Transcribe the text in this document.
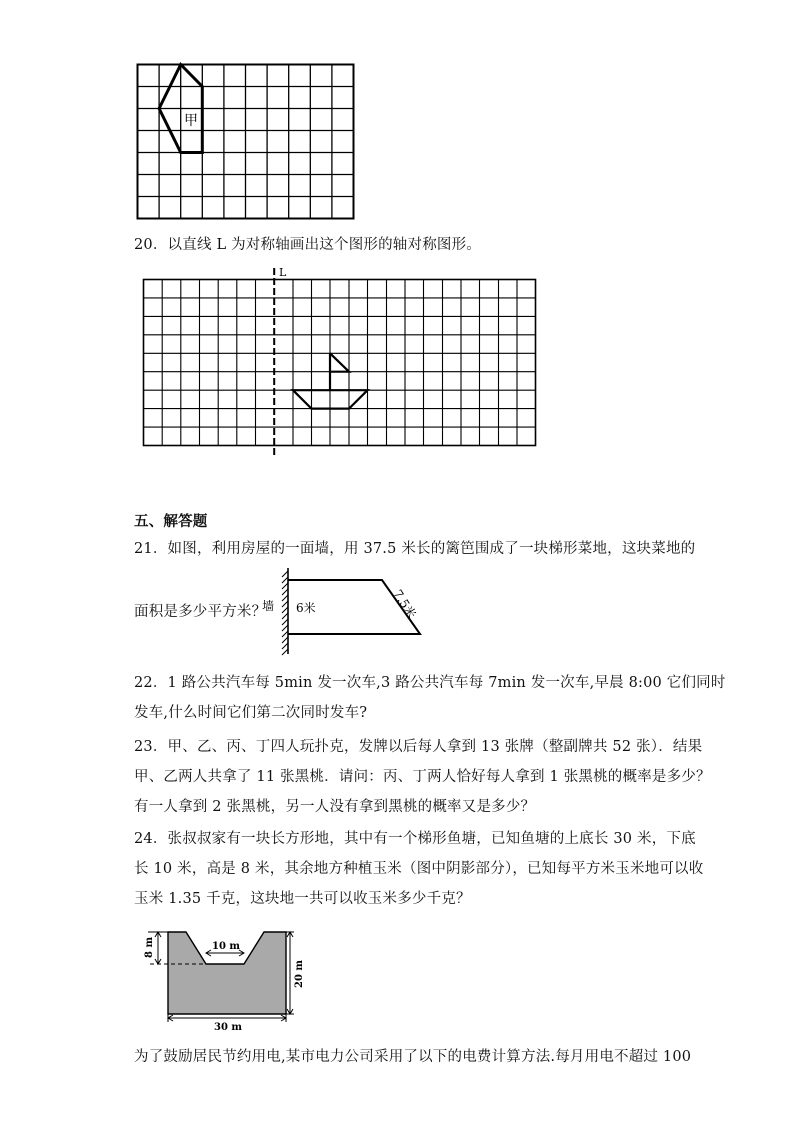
甲
20．以直线 L 为对称轴画出这个图形的轴对称图形。
L
五、解答题
21．如图，利用房屋的一面墙，用 37.5 米长的篱笆围成了一块梯形菜地，这块菜地的
面积是多少平方米？
墙 6米	7.5米
22．1 路公共汽车每 5min 发一次车,3 路公共汽车每 7min 发一次车,早晨 8:00 它们同时
发车,什么时间它们第二次同时发车?
23．甲、乙、丙、丁四人玩扑克，发牌以后每人拿到 13 张牌（整副牌共 52 张）．结果
甲、乙两人共拿了 11 张黑桃．请问：丙、丁两人恰好每人拿到 1 张黑桃的概率是多少？
有一人拿到 2 张黑桃，另一人没有拿到黑桃的概率又是多少？
24．张叔叔家有一块长方形地，其中有一个梯形鱼塘，已知鱼塘的上底长 30 米，下底
长 10 米，高是 8 米，其余地方种植玉米（图中阴影部分），已知每平方米玉米地可以收
玉米 1.35 千克，这块地一共可以收玉米多少千克？
8 m	10 m
20 m
30 m
为了鼓励居民节约用电,某市电力公司采用了以下的电费计算方法.每月用电不超过 100
